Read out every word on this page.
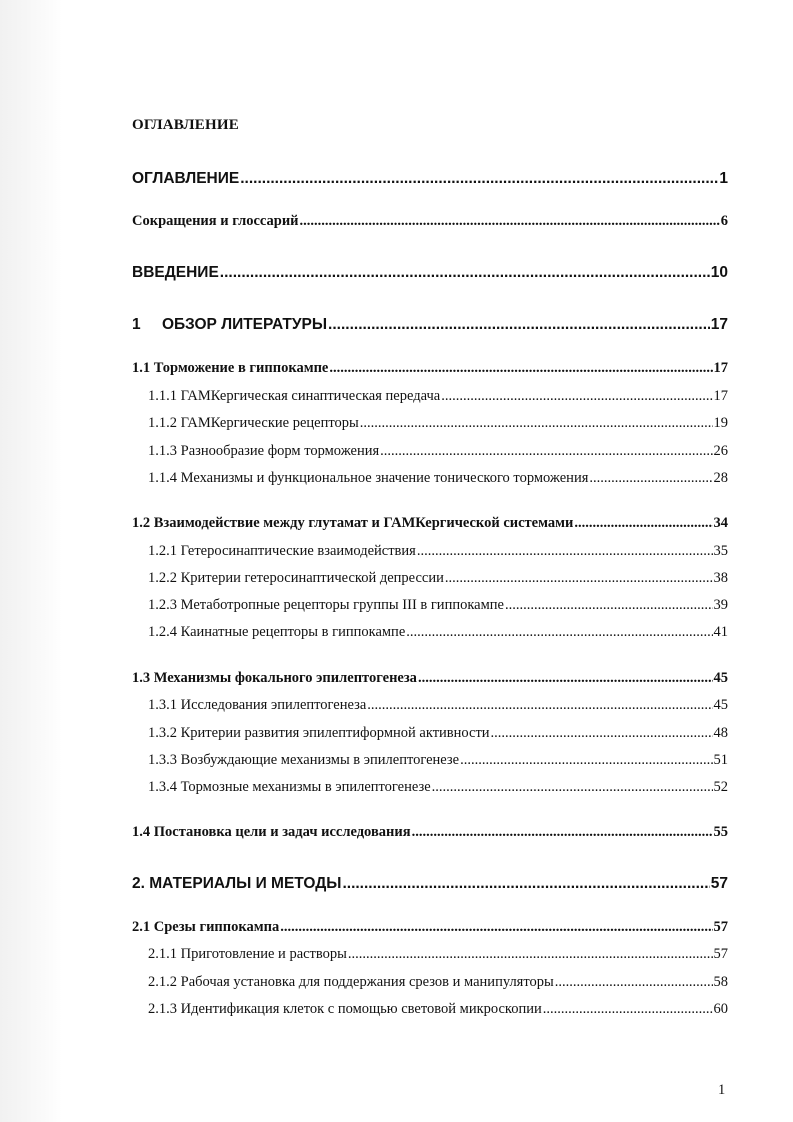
ОГЛАВЛЕНИЕ
ОГЛАВЛЕНИЕ .....	1
Сокращения и глоссарий .....	6
ВВЕДЕНИЕ .....	10
1	ОБЗОР ЛИТЕРАТУРЫ .....	17
1.1 Торможение в гиппокампе .....	17
1.1.1 ГАМКергическая синаптическая передача .....	17
1.1.2 ГАМКергические рецепторы .....	19
1.1.3 Разнообразие форм торможения .....	26
1.1.4 Механизмы и функциональное значение тонического торможения .....	28
1.2 Взаимодействие между глутамат и ГАМКергической системами .....	34
1.2.1 Гетеросинаптические взаимодействия .....	35
1.2.2 Критерии гетеросинаптической депрессии .....	38
1.2.3 Метаботропные рецепторы группы III в гиппокампе .....	39
1.2.4 Каинатные рецепторы в гиппокампе .....	41
1.3 Механизмы фокального эпилептогенеза .....	45
1.3.1 Исследования эпилептогенеза .....	45
1.3.2 Критерии развития эпилептиформной активности .....	48
1.3.3 Возбуждающие механизмы в эпилептогенезе .....	51
1.3.4 Тормозные механизмы в эпилептогенезе .....	52
1.4 Постановка цели и задач исследования .....	55
2. МАТЕРИАЛЫ И МЕТОДЫ .....	57
2.1 Срезы гиппокампа .....	57
2.1.1 Приготовление и растворы .....	57
2.1.2 Рабочая установка для поддержания срезов и манипуляторы .....	58
2.1.3 Идентификация клеток с помощью световой микроскопии .....	60
1
